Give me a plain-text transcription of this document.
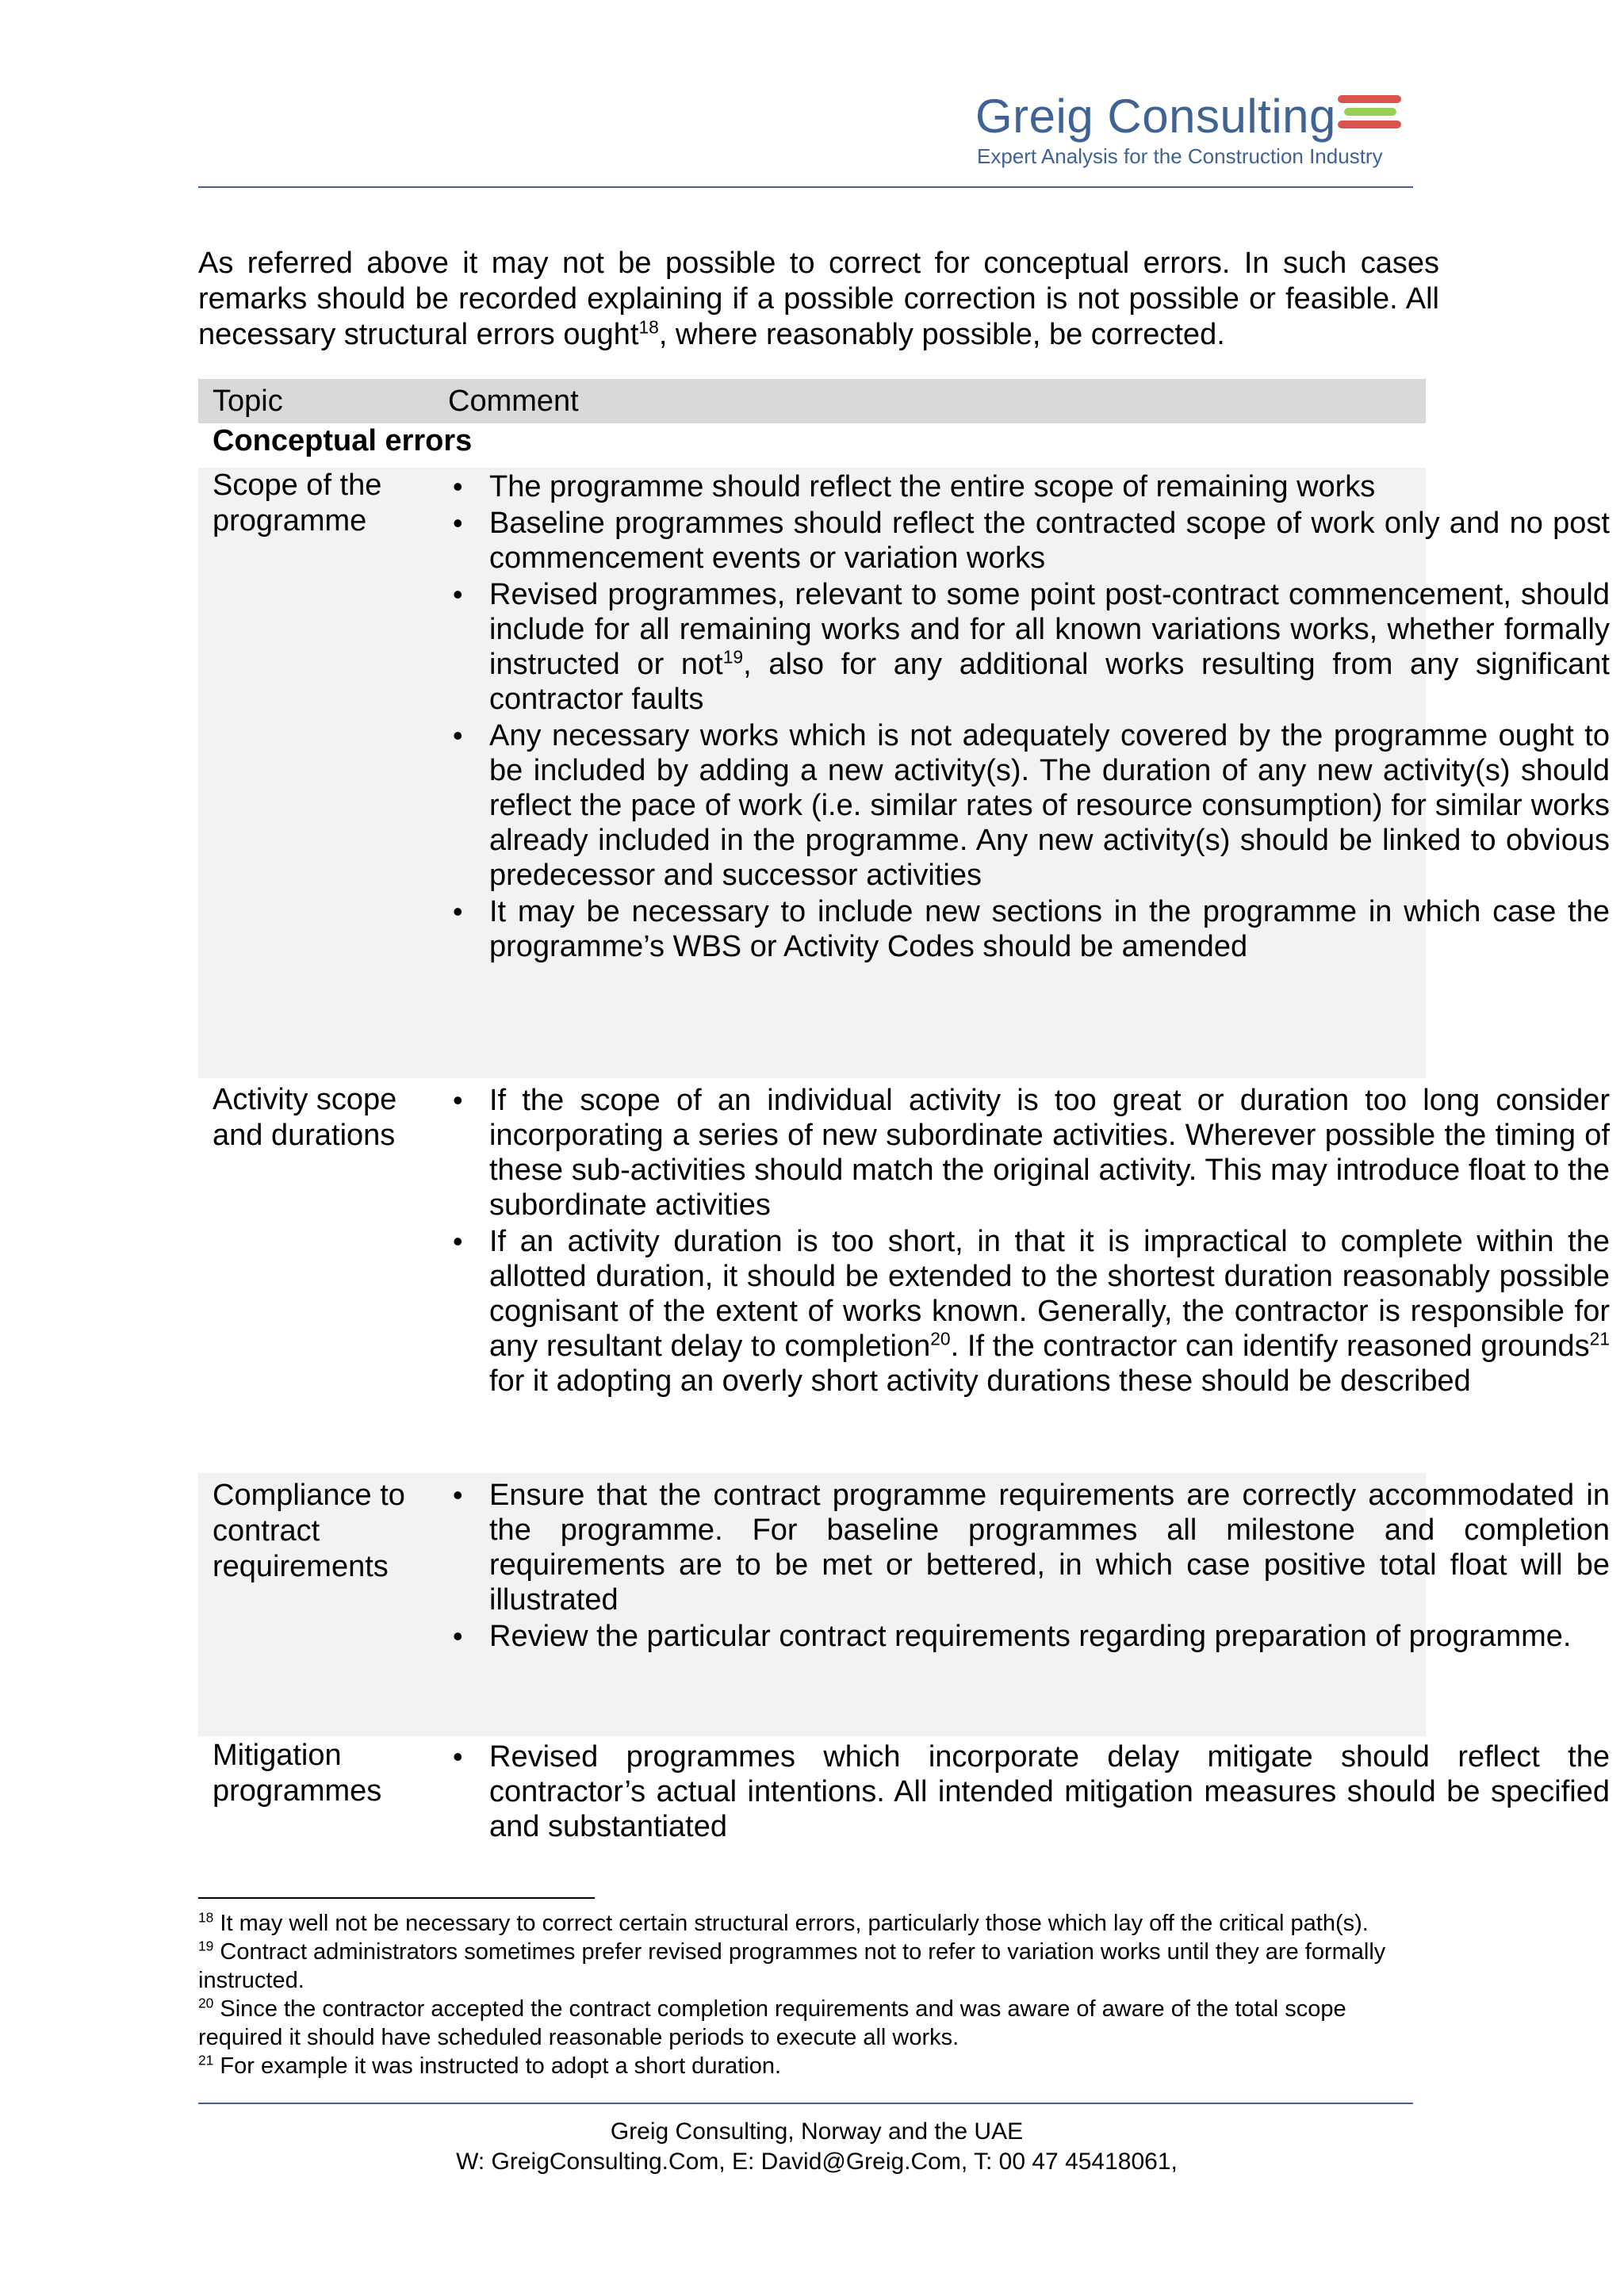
Greig Consulting
Expert Analysis for the Construction Industry
As referred above it may not be possible to correct for conceptual errors. In such cases remarks should be recorded explaining if a possible correction is not possible or feasible. All necessary structural errors ought$^{18}$, where reasonably possible, be corrected.
Topic	Comment
Conceptual errors
Scope of the programme
• The programme should reflect the entire scope of remaining works
• Baseline programmes should reflect the contracted scope of work only and no post commencement events or variation works
• Revised programmes, relevant to some point post-contract commencement, should include for all remaining works and for all known variations works, whether formally instructed or not$^{19}$, also for any additional works resulting from any significant contractor faults
• Any necessary works which is not adequately covered by the programme ought to be included by adding a new activity(s). The duration of any new activity(s) should reflect the pace of work (i.e. similar rates of resource consumption) for similar works already included in the programme. Any new activity(s) should be linked to obvious predecessor and successor activities
• It may be necessary to include new sections in the programme in which case the programme’s WBS or Activity Codes should be amended
Activity scope and durations
• If the scope of an individual activity is too great or duration too long consider incorporating a series of new subordinate activities. Wherever possible the timing of these sub-activities should match the original activity. This may introduce float to the subordinate activities
• If an activity duration is too short, in that it is impractical to complete within the allotted duration, it should be extended to the shortest duration reasonably possible cognisant of the extent of works known. Generally, the contractor is responsible for any resultant delay to completion$^{20}$. If the contractor can identify reasoned grounds$^{21}$ for it adopting an overly short activity durations these should be described
Compliance to contract requirements
• Ensure that the contract programme requirements are correctly accommodated in the programme. For baseline programmes all milestone and completion requirements are to be met or bettered, in which case positive total float will be illustrated
• Review the particular contract requirements regarding preparation of programme.
Mitigation programmes
• Revised programmes which incorporate delay mitigate should reflect the contractor’s actual intentions. All intended mitigation measures should be specified and substantiated

$^{18}$ It may well not be necessary to correct certain structural errors, particularly those which lay off the critical path(s).

$^{19}$ Contract administrators sometimes prefer revised programmes not to refer to variation works until they are formally instructed.

$^{20}$ Since the contractor accepted the contract completion requirements and was aware of aware of the total scope required it should have scheduled reasonable periods to execute all works.

$^{21}$ For example it was instructed to adopt a short duration.

Greig Consulting, Norway and the UAE
W: GreigConsulting.Com, E: David@Greig.Com, T: 00 47 45418061,
